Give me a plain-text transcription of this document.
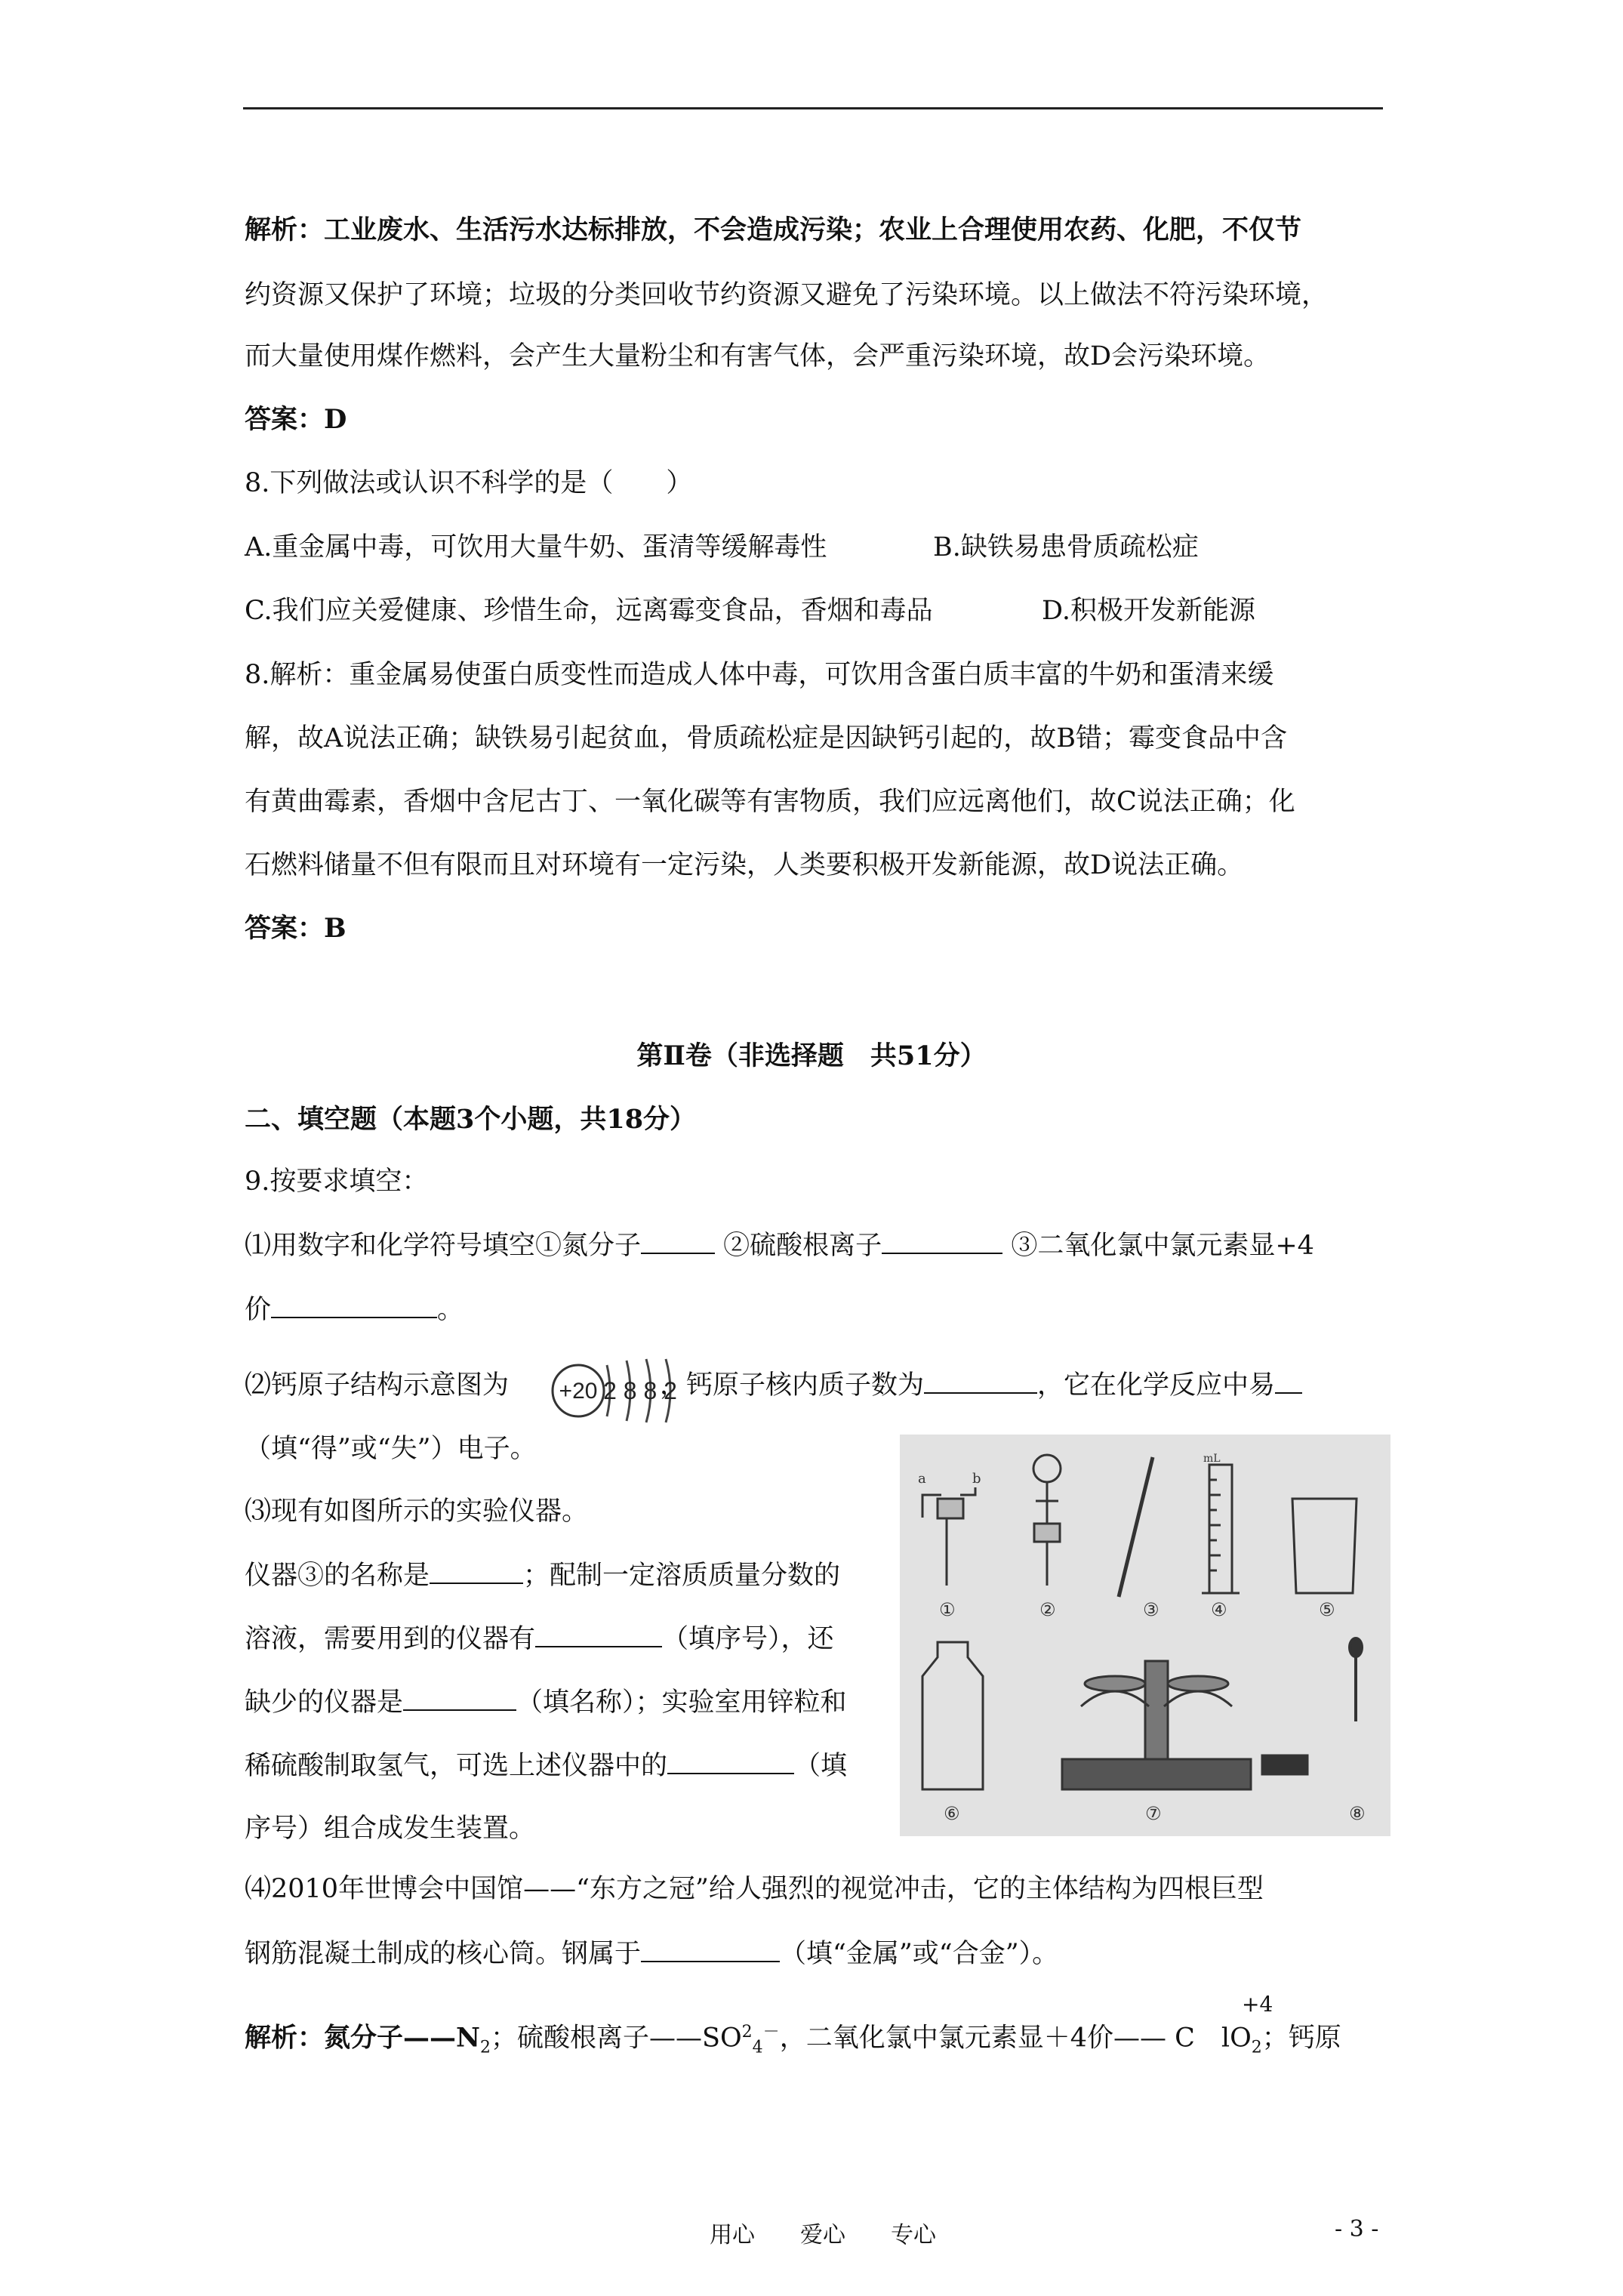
解析：工业废水、生活污水达标排放，不会造成污染；农业上合理使用农药、化肥，不仅节
约资源又保护了环境；垃圾的分类回收节约资源又避免了污染环境。以上做法不符污染环境，
而大量使用煤作燃料，会产生大量粉尘和有害气体，会严重污染环境，故D会污染环境。
答案：D
8.下列做法或认识不科学的是（　　）
A.重金属中毒，可饮用大量牛奶、蛋清等缓解毒性	B.缺铁易患骨质疏松症
C.我们应关爱健康、珍惜生命，远离霉变食品，香烟和毒品	D.积极开发新能源
8.解析：重金属易使蛋白质变性而造成人体中毒，可饮用含蛋白质丰富的牛奶和蛋清来缓
解，故A说法正确；缺铁易引起贫血，骨质疏松症是因缺钙引起的，故B错；霉变食品中含
有黄曲霉素，香烟中含尼古丁、一氧化碳等有害物质，我们应远离他们，故C说法正确；化
石燃料储量不但有限而且对环境有一定污染，人类要积极开发新能源，故D说法正确。
答案：B
第Ⅱ卷（非选择题　共51分）
二、填空题（本题3个小题，共18分）
9.按要求填空：
⑴用数字和化学符号填空①氮分子	②硫酸根离子	③二氧化氯中氯元素显+4
价	。
⑵钙原子结构示意图为	，钙原子核内质子数为	，它在化学反应中易
+20 2 8 8 2
（填“得”或“失”）电子。
⑶现有如图所示的实验仪器。
仪器③的名称是	；配制一定溶质质量分数的
溶液，需要用到的仪器有	（填序号），还
缺少的仪器是	（填名称）；实验室用锌粒和
稀硫酸制取氢气，可选上述仪器中的	（填
序号）组合成发生装置。
a	b
mL
①	②	③	④	⑤
⑥	⑦	⑧
⑷2010年世博会中国馆——“东方之冠”给人强烈的视觉冲击，它的主体结构为四根巨型
钢筋混凝土制成的核心筒。钢属于	（填“金属”或“合金”）。
+4
解析：氮分子$——N_2$；硫酸根离子$——SO^2_4^-$，二氧化氯中氯元素显＋4价—— C　$lO_2$；钙原
用心　　爱心　　专心	- 3 -
